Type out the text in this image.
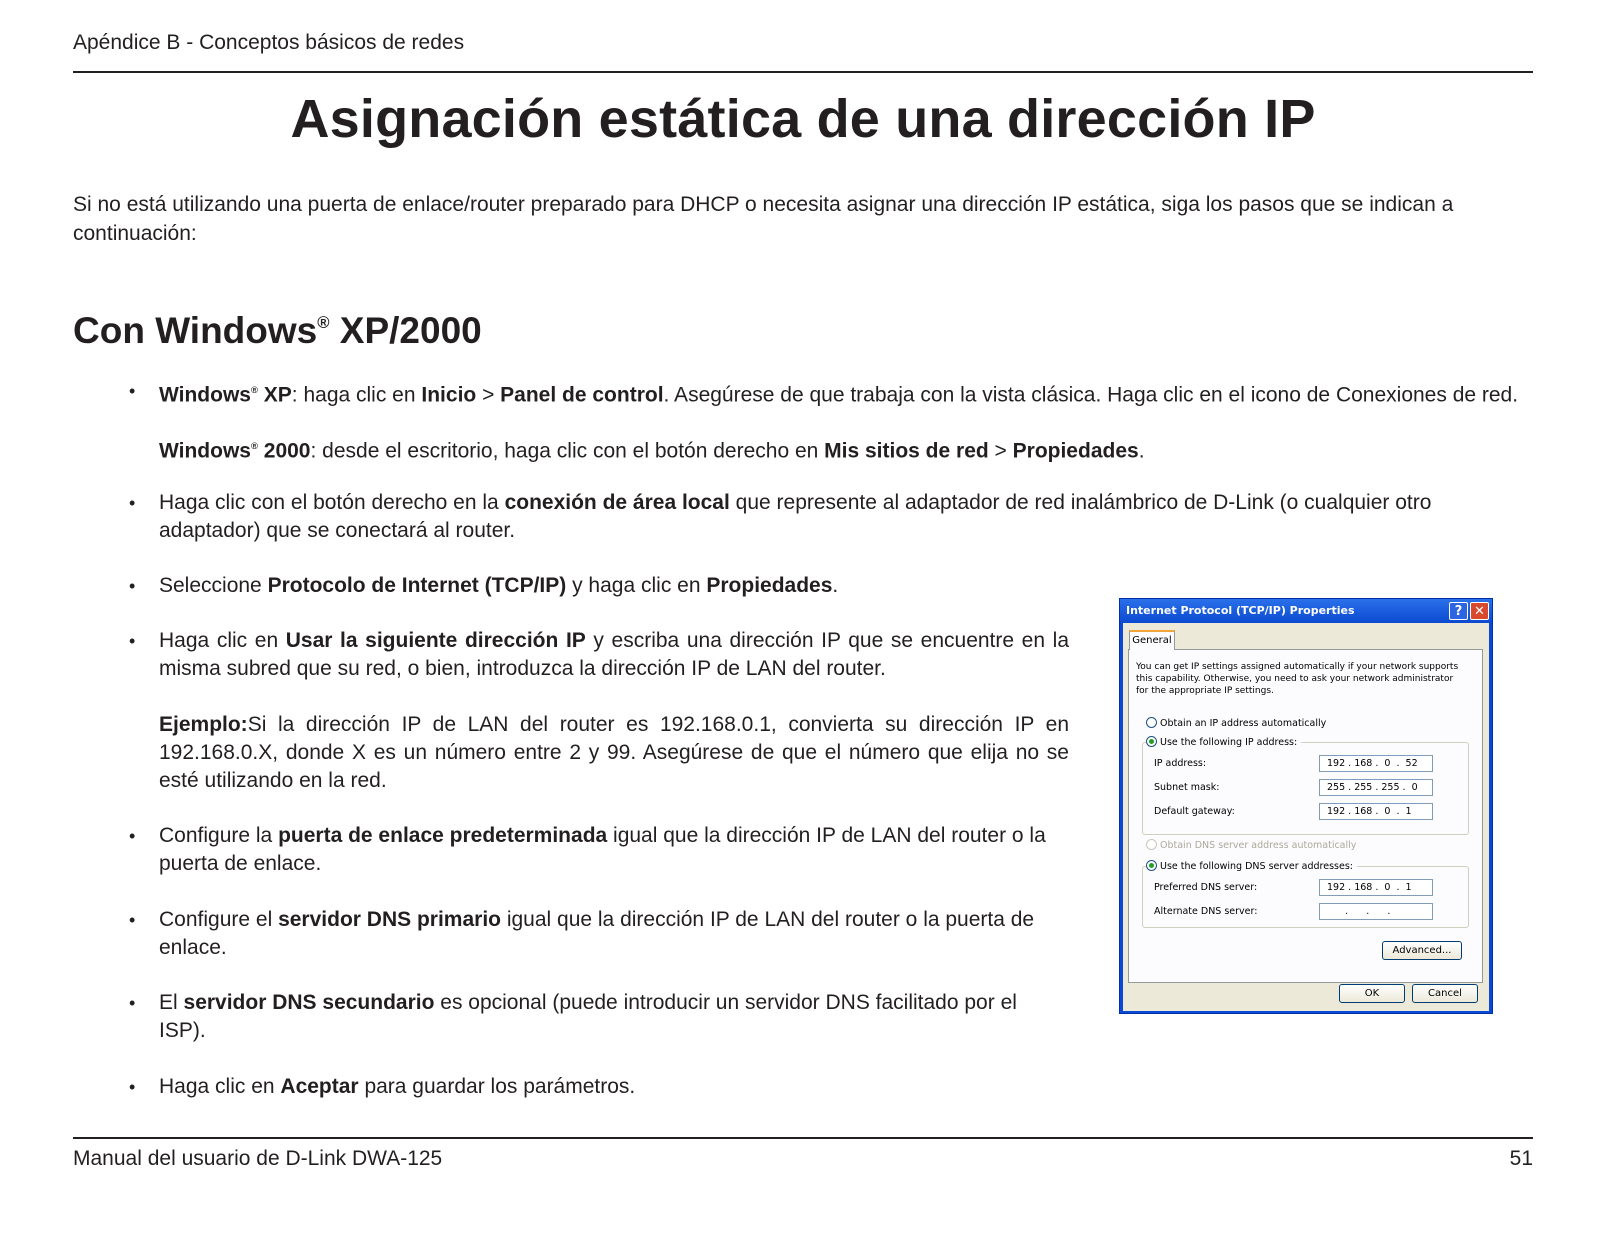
Apéndice B - Conceptos básicos de redes
Asignación estática de una dirección IP

Si no está utilizando una puerta de enlace/router preparado para DHCP o necesita asignar una dirección IP estática, siga los pasos que se indican a continuación:

Con Windows® XP/2000
• Windows® XP: haga clic en Inicio > Panel de control. Asegúrese de que trabaja con la vista clásica. Haga clic en el icono de Conexiones de red.
Windows® 2000: desde el escritorio, haga clic con el botón derecho en Mis sitios de red > Propiedades.
• Haga clic con el botón derecho en la conexión de área local que represente al adaptador de red inalámbrico de D-Link (o cualquier otro adaptador) que se conectará al router.
• Seleccione Protocolo de Internet (TCP/IP) y haga clic en Propiedades.
• Haga clic en Usar la siguiente dirección IP y escriba una dirección IP que se encuentre en la misma subred que su red, o bien, introduzca la dirección IP de LAN del router.
Ejemplo:Si la dirección IP de LAN del router es 192.168.0.1, convierta su dirección IP en 192.168.0.X, donde X es un número entre 2 y 99. Asegúrese de que el número que elija no se esté utilizando en la red.
• Configure la puerta de enlace predeterminada igual que la dirección IP de LAN del router o la puerta de enlace.
• Configure el servidor DNS primario igual que la dirección IP de LAN del router o la puerta de enlace.
• El servidor DNS secundario es opcional (puede introducir un servidor DNS facilitado por el ISP).
• Haga clic en Aceptar para guardar los parámetros.
Manual del usuario de D-Link DWA-125	51
Internet Protocol (TCP/IP) Properties	? ✕

You can get IP settings assigned automatically if your network supports this capability. Otherwise, you need to ask your network administrator for the appropriate IP settings.

Obtain an IP address automatically
Use the following IP address:
IP address:	192 . 168 .  0  .  52
Subnet mask:	255 . 255 . 255 .  0
Default gateway:	192 . 168 .  0  .  1
Obtain DNS server address automatically
Use the following DNS server addresses:
Preferred DNS server:	192 . 168 .  0  .  1
Alternate DNS server:	.      .      .
Advanced...
General
OK	Cancel
